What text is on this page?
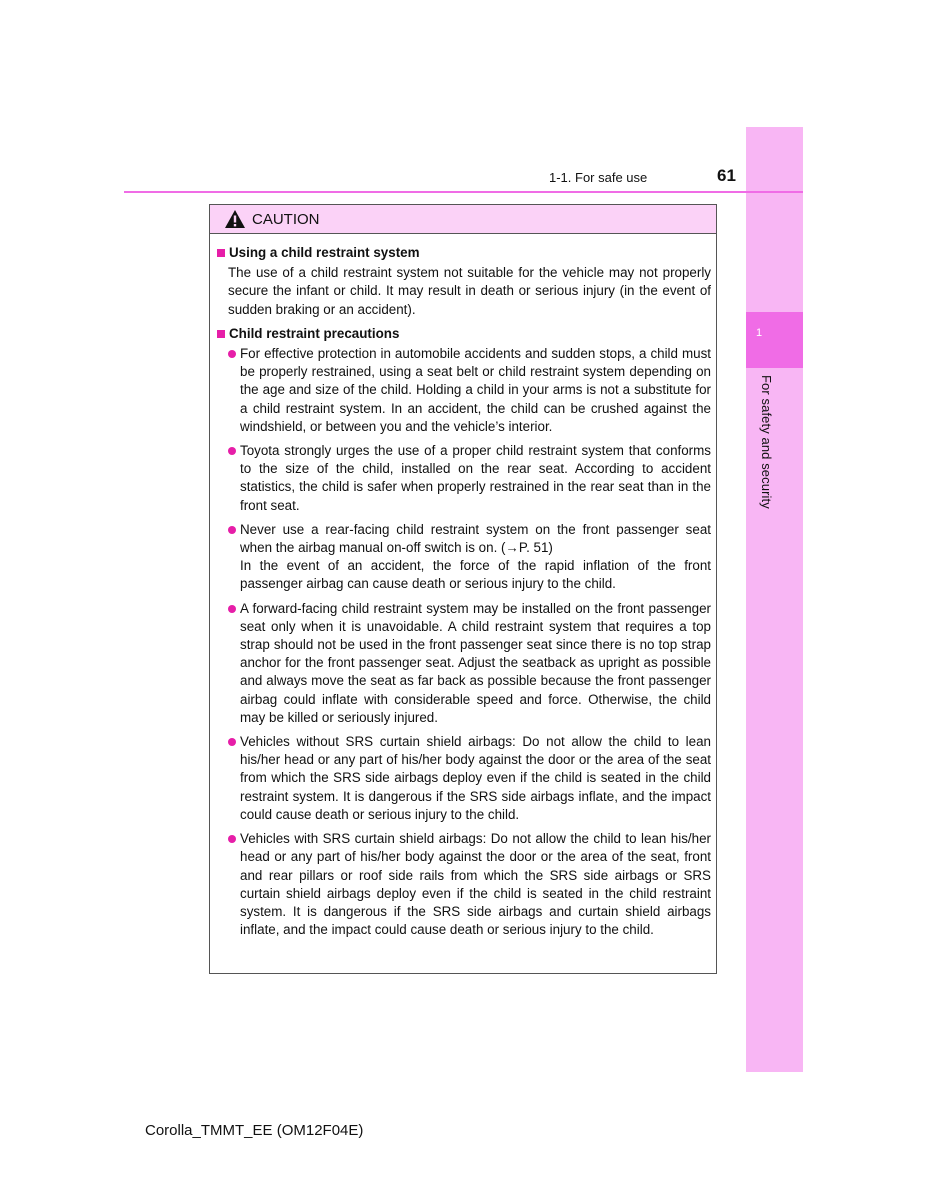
1
For safety and security
1-1. For safe use	61
CAUTION
Using a child restraint system
The use of a child restraint system not suitable for the vehicle may not properly secure the infant or child. It may result in death or serious injury (in the event of sudden braking or an accident).
Child restraint precautions
For effective protection in automobile accidents and sudden stops, a child must be properly restrained, using a seat belt or child restraint system depending on the age and size of the child. Holding a child in your arms is not a substitute for a child restraint system. In an accident, the child can be crushed against the windshield, or between you and the vehicle’s interior.
Toyota strongly urges the use of a proper child restraint system that conforms to the size of the child, installed on the rear seat. According to accident statistics, the child is safer when properly restrained in the rear seat than in the front seat.
Never use a rear-facing child restraint system on the front passenger seat when the airbag manual on-off switch is on. (→P. 51)
In the event of an accident, the force of the rapid inflation of the front passenger airbag can cause death or serious injury to the child.
A forward-facing child restraint system may be installed on the front passenger seat only when it is unavoidable. A child restraint system that requires a top strap should not be used in the front passenger seat since there is no top strap anchor for the front passenger seat. Adjust the seatback as upright as possible and always move the seat as far back as possible because the front passenger airbag could inflate with considerable speed and force. Otherwise, the child may be killed or seriously injured.
Vehicles without SRS curtain shield airbags: Do not allow the child to lean his/her head or any part of his/her body against the door or the area of the seat from which the SRS side airbags deploy even if the child is seated in the child restraint system. It is dangerous if the SRS side airbags inflate, and the impact could cause death or serious injury to the child.
Vehicles with SRS curtain shield airbags: Do not allow the child to lean his/her head or any part of his/her body against the door or the area of the seat, front and rear pillars or roof side rails from which the SRS side airbags or SRS curtain shield airbags deploy even if the child is seated in the child restraint system. It is dangerous if the SRS side airbags and curtain shield airbags inflate, and the impact could cause death or serious injury to the child.
Corolla_TMMT_EE (OM12F04E)
